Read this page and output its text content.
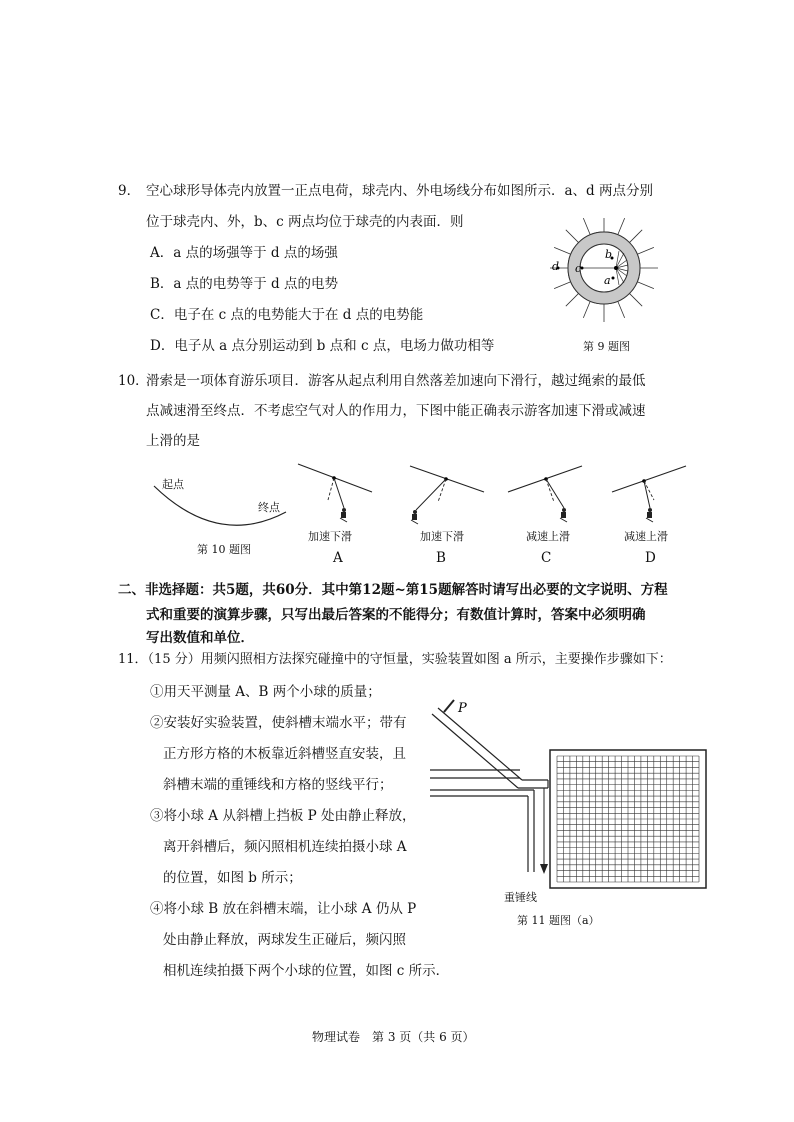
9． 空心球形导体壳内放置一正点电荷，球壳内、外电场线分布如图所示．a、d 两点分别
位于球壳内、外，b、c 两点均位于球壳的内表面．则
A．a 点的场强等于 d 点的场强
B．a 点的电势等于 d 点的电势
C．电子在 c 点的电势能大于在 d 点的电势能
D．电子从 a 点分别运动到 b 点和 c 点，电场力做功相等
d c
b
a
第 9 题图
10．
滑索是一项体育游乐项目．游客从起点利用自然落差加速向下滑行，越过绳索的最低
点减速滑至终点．不考虑空气对人的作用力，下图中能正确表示游客加速下滑或减速
上滑的是
起点
终点
第 10 题图
加速下滑	加速下滑	减速上滑	减速上滑
A	B	C	D
二、非选择题：共5题，共60分．其中第12题~第15题解答时请写出必要的文字说明、方程
式和重要的演算步骤，只写出最后答案的不能得分；有数值计算时，答案中必须明确
写出数值和单位．
11．（15 分）用频闪照相方法探究碰撞中的守恒量，实验装置如图 a 所示，主要操作步骤如下：
①用天平测量 A、B 两个小球的质量；
②安装好实验装置，使斜槽末端水平；带有
正方形方格的木板靠近斜槽竖直安装，且
斜槽末端的重锤线和方格的竖线平行；
③将小球 A 从斜槽上挡板 P 处由静止释放，
离开斜槽后，频闪照相机连续拍摄小球 A
的位置，如图 b 所示；
④将小球 B 放在斜槽末端，让小球 A 仍从 P
处由静止释放，两球发生正碰后，频闪照
相机连续拍摄下两个小球的位置，如图 c 所示．
P
重锤线
第 11 题图（a）
物理试卷　第 3 页（共 6 页）
